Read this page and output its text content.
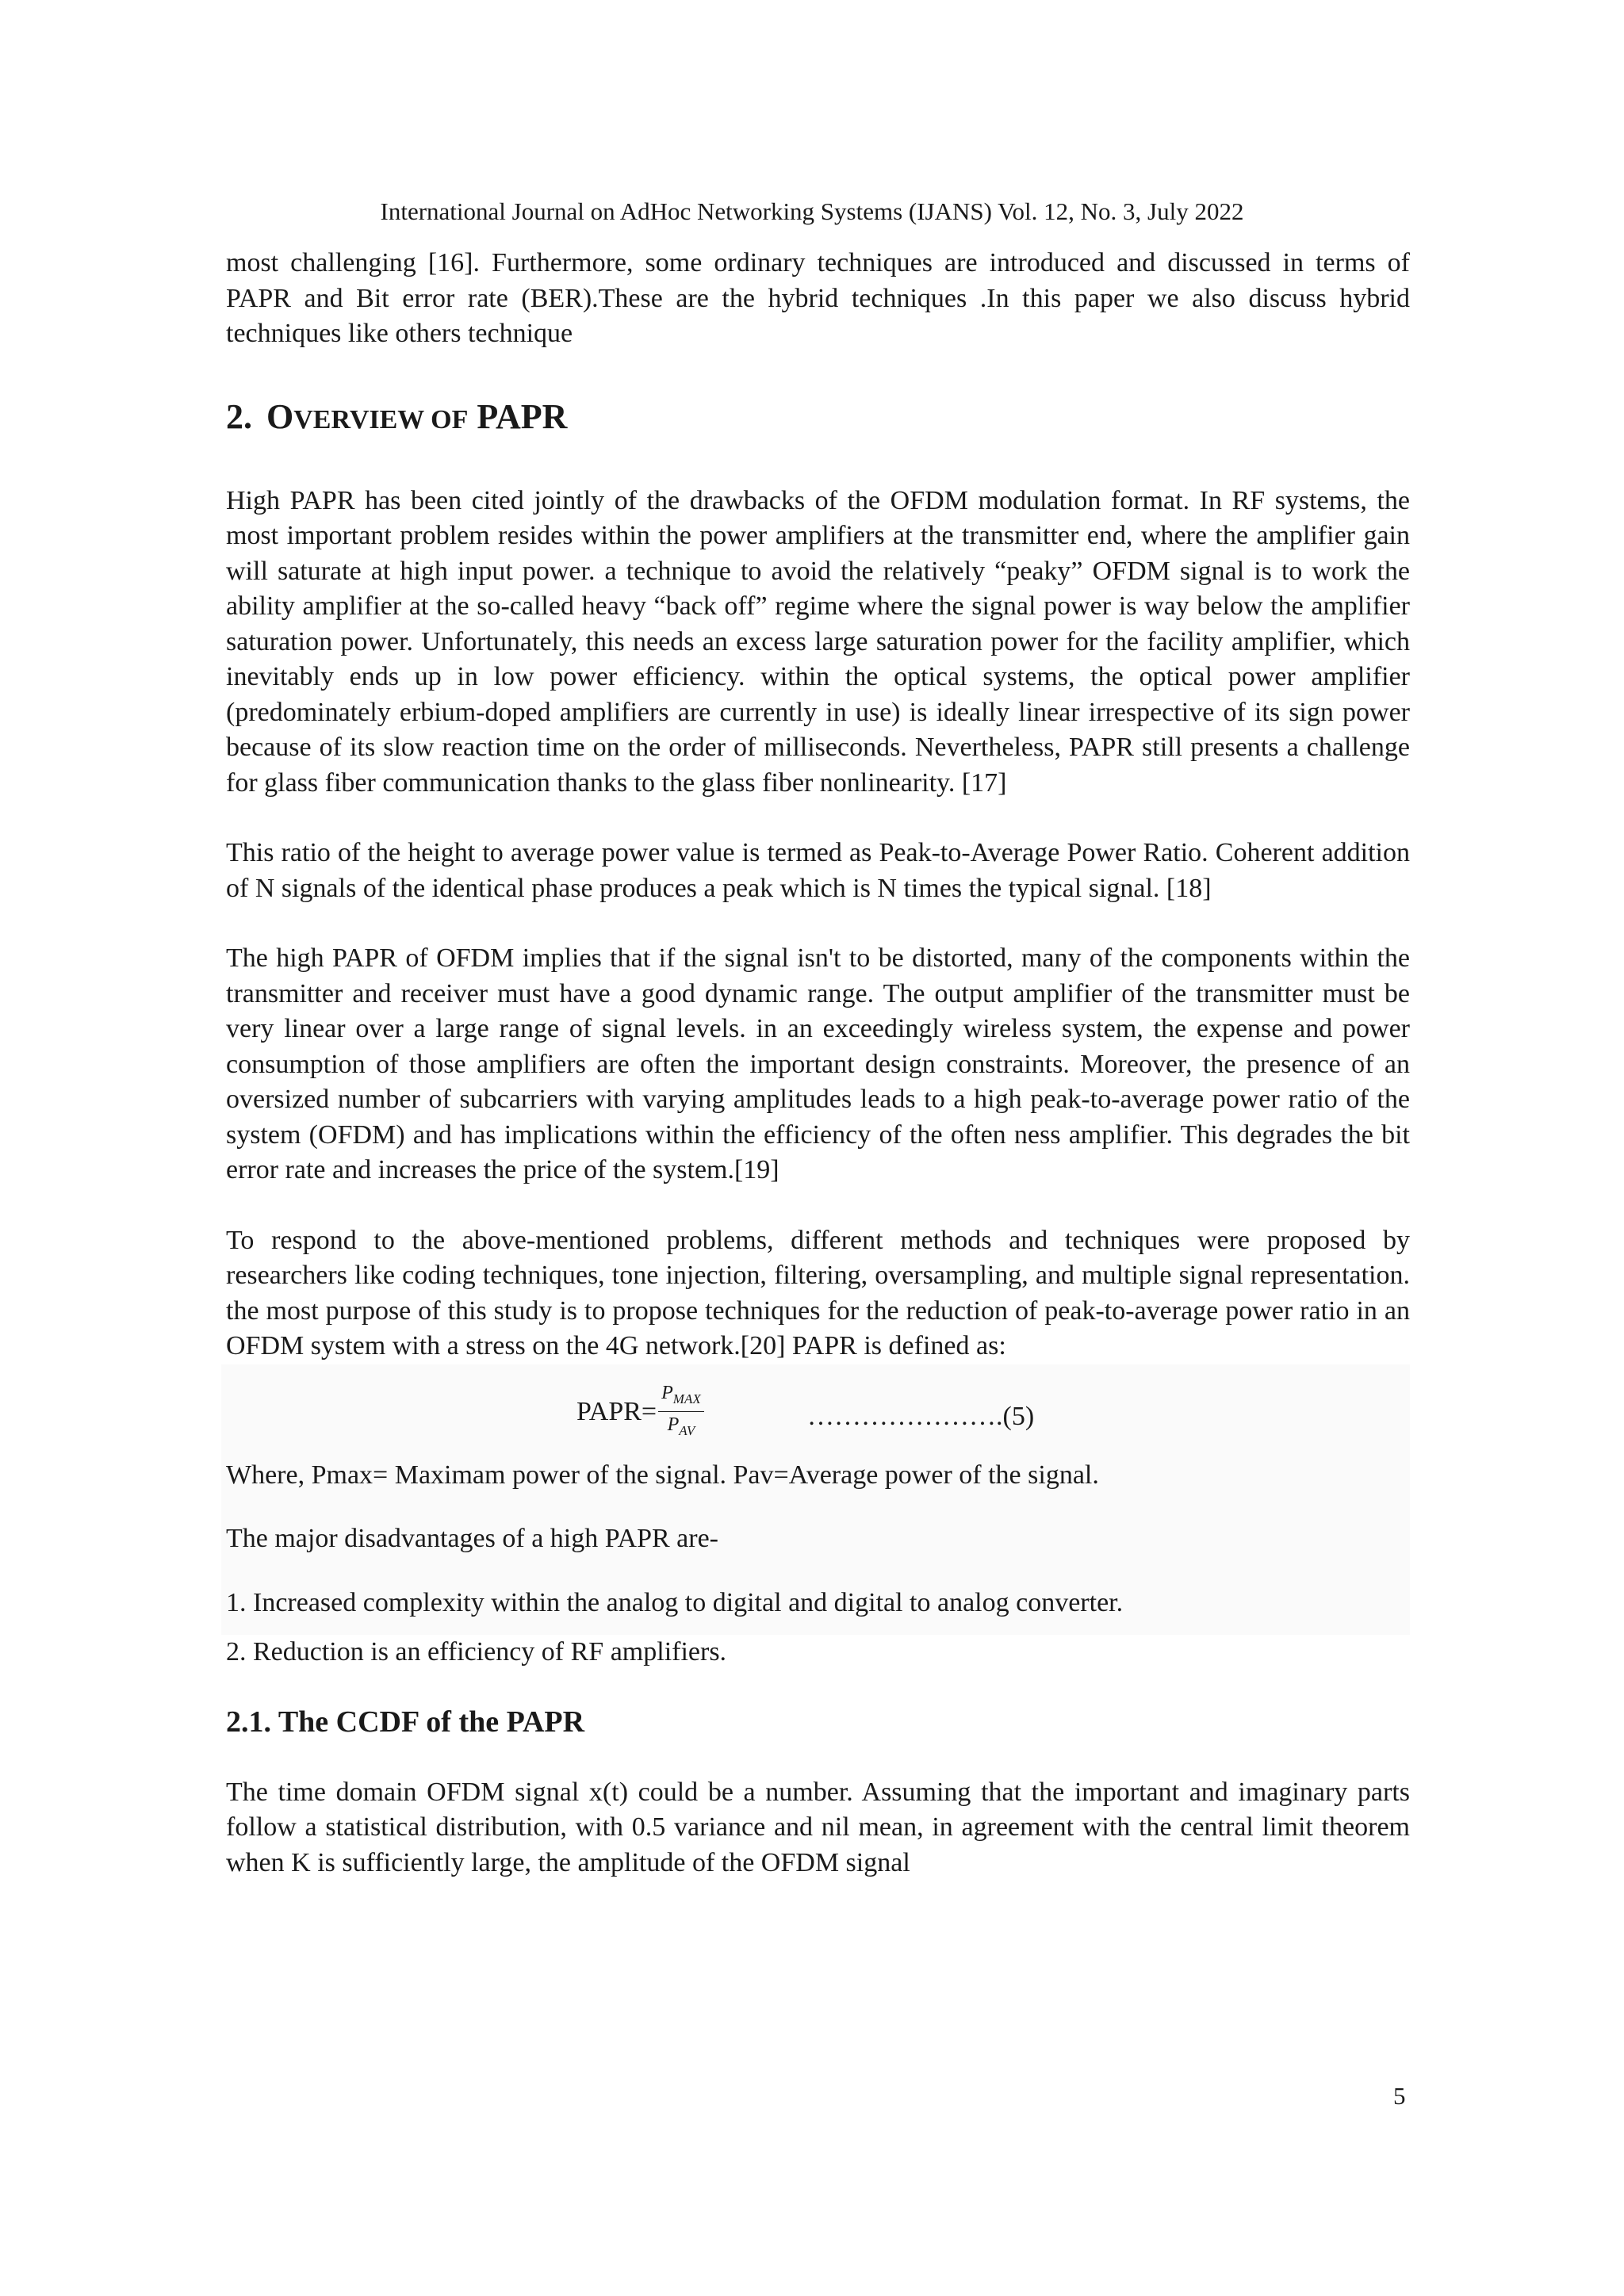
International Journal on AdHoc Networking Systems (IJANS) Vol. 12, No. 3, July 2022

most challenging [16]. Furthermore, some ordinary techniques are introduced and discussed in terms of PAPR and Bit error rate (BER).These are the hybrid techniques .In this paper we also discuss hybrid techniques like others technique

2. OVERVIEW OF PAPR

High PAPR has been cited jointly of the drawbacks of the OFDM modulation format. In RF systems, the most important problem resides within the power amplifiers at the transmitter end, where the amplifier gain will saturate at high input power. a technique to avoid the relatively “peaky” OFDM signal is to work the ability amplifier at the so-called heavy “back off” regime where the signal power is way below the amplifier saturation power. Unfortunately, this needs an excess large saturation power for the facility amplifier, which inevitably ends up in low power efficiency. within the optical systems, the optical power amplifier (predominately erbium-doped amplifiers are currently in use) is ideally linear irrespective of its sign power because of its slow reaction time on the order of milliseconds. Nevertheless, PAPR still presents a challenge for glass fiber communication thanks to the glass fiber nonlinearity. [17]

This ratio of the height to average power value is termed as Peak-to-Average Power Ratio. Coherent addition of N signals of the identical phase produces a peak which is N times the typical signal. [18]

The high PAPR of OFDM implies that if the signal isn't to be distorted, many of the components within the transmitter and receiver must have a good dynamic range. The output amplifier of the transmitter must be very linear over a large range of signal levels. in an exceedingly wireless system, the expense and power consumption of those amplifiers are often the important design constraints. Moreover, the presence of an oversized number of subcarriers with varying amplitudes leads to a high peak-to-average power ratio of the system (OFDM) and has implications within the efficiency of the often ness amplifier. This degrades the bit error rate and increases the price of the system.[19]

To respond to the above-mentioned problems, different methods and techniques were proposed by researchers like coding techniques, tone injection, filtering, oversampling, and multiple signal representation. the most purpose of this study is to propose techniques for the reduction of peak-to-average power ratio in an OFDM system with a stress on the 4G network.[20] PAPR is defined as:

PAPR= $\frac{P_{MAX}}{P_{AV}}$	………………….(5)

Where, Pmax= Maximam power of the signal. Pav=Average power of the signal.

The major disadvantages of a high PAPR are-

1. Increased complexity within the analog to digital and digital to analog converter.

2. Reduction is an efficiency of RF amplifiers.

2.1. The CCDF of the PAPR

The time domain OFDM signal x(t) could be a number. Assuming that the important and imaginary parts follow a statistical distribution, with 0.5 variance and nil mean, in agreement with the central limit theorem when K is sufficiently large, the amplitude of the OFDM signal

5
